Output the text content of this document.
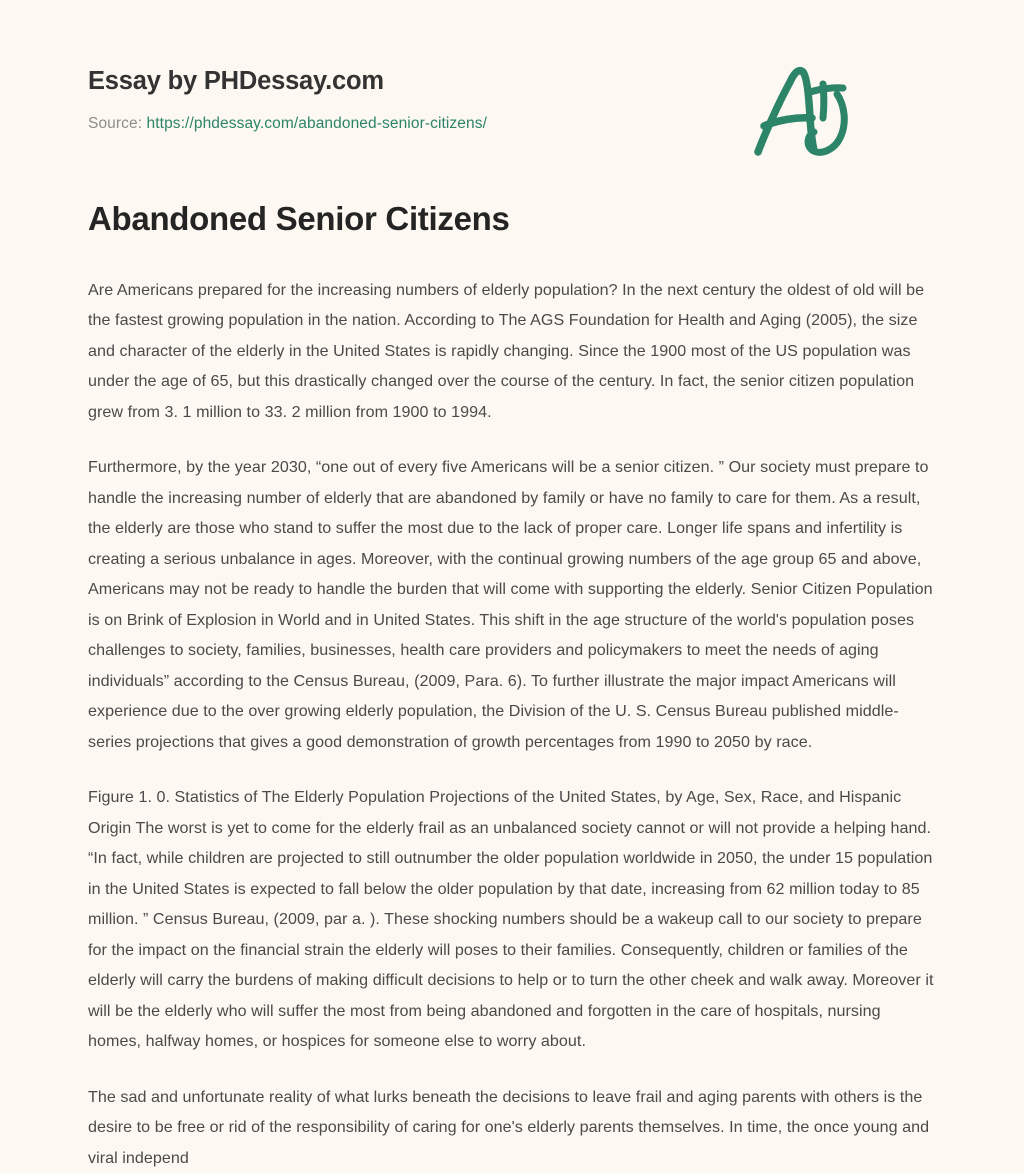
Essay by PHDessay.com
Source: https://phdessay.com/abandoned-senior-citizens/
Abandoned Senior Citizens

Are Americans prepared for the increasing numbers of elderly population? In the next century the oldest of old will be the fastest growing population in the nation. According to The AGS Foundation for Health and Aging (2005), the size and character of the elderly in the United States is rapidly changing. Since the 1900 most of the US population was under the age of 65, but this drastically changed over the course of the century. In fact, the senior citizen population grew from 3. 1 million to 33. 2 million from 1900 to 1994.

Furthermore, by the year 2030, “one out of every five Americans will be a senior citizen. ” Our society must prepare to handle the increasing number of elderly that are abandoned by family or have no family to care for them. As a result, the elderly are those who stand to suffer the most due to the lack of proper care. Longer life spans and infertility is creating a serious unbalance in ages. Moreover, with the continual growing numbers of the age group 65 and above, Americans may not be ready to handle the burden that will come with supporting the elderly. Senior Citizen Population is on Brink of Explosion in World and in United States. This shift in the age structure of the world's population poses challenges to society, families, businesses, health care providers and policymakers to meet the needs of aging individuals” according to the Census Bureau, (2009, Para. 6). To further illustrate the major impact Americans will experience due to the over growing elderly population, the Division of the U. S. Census Bureau published middle- series projections that gives a good demonstration of growth percentages from 1990 to 2050 by race.

Figure 1. 0. Statistics of The Elderly Population Projections of the United States, by Age, Sex, Race, and Hispanic Origin The worst is yet to come for the elderly frail as an unbalanced society cannot or will not provide a helping hand. “In fact, while children are projected to still outnumber the older population worldwide in 2050, the under 15 population in the United States is expected to fall below the older population by that date, increasing from 62 million today to 85 million. ” Census Bureau, (2009, par a. ). These shocking numbers should be a wakeup call to our society to prepare for the impact on the financial strain the elderly will poses to their families. Consequently, children or families of the elderly will carry the burdens of making difficult decisions to help or to turn the other cheek and walk away. Moreover it will be the elderly who will suffer the most from being abandoned and forgotten in the care of hospitals, nursing homes, halfway homes, or hospices for someone else to worry about.

The sad and unfortunate reality of what lurks beneath the decisions to leave frail and aging parents with others is the desire to be free or rid of the responsibility of caring for one's elderly parents themselves. In time, the once young and viral independ
